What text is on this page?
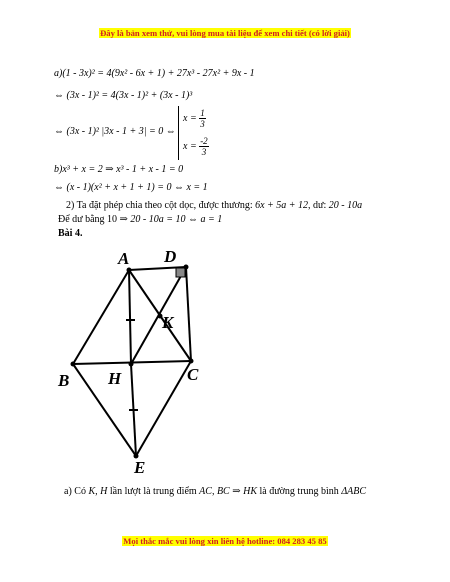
Đây là bản xem thử, vui lòng mua tài liệu để xem chi tiết (có lời giải)
a)(1 - 3x)² = 4(9x² - 6x + 1) + 27x³ - 27x² + 9x - 1
⇔ (3x - 1)² = 4(3x - 1)² + (3x - 1)³
⇔ (3x - 1)² |3x - 1 + 3| = 0 ⇔
$x = \frac{1}{3}$
$x = \frac{-2}{3}$
b)x³ + x = 2 ⇒ x³ - 1 + x - 1 = 0
⇔ (x - 1)(x² + x + 1 + 1) = 0 ⇔ x = 1
2) Ta đặt phép chia theo cột dọc, được thương: 6x + 5a + 12, dư: 20 - 10a
Để dư bằng 10 ⇒ 20 - 10a = 10 ⇔ a = 1
Bài 4.
A D
K
B H	C
E
a) Có K, H lần lượt là trung điểm AC, BC ⇒ HK là đường trung bình ΔABC
Mọi thắc mắc vui lòng xin liên hệ hotline: 084 283 45 85
